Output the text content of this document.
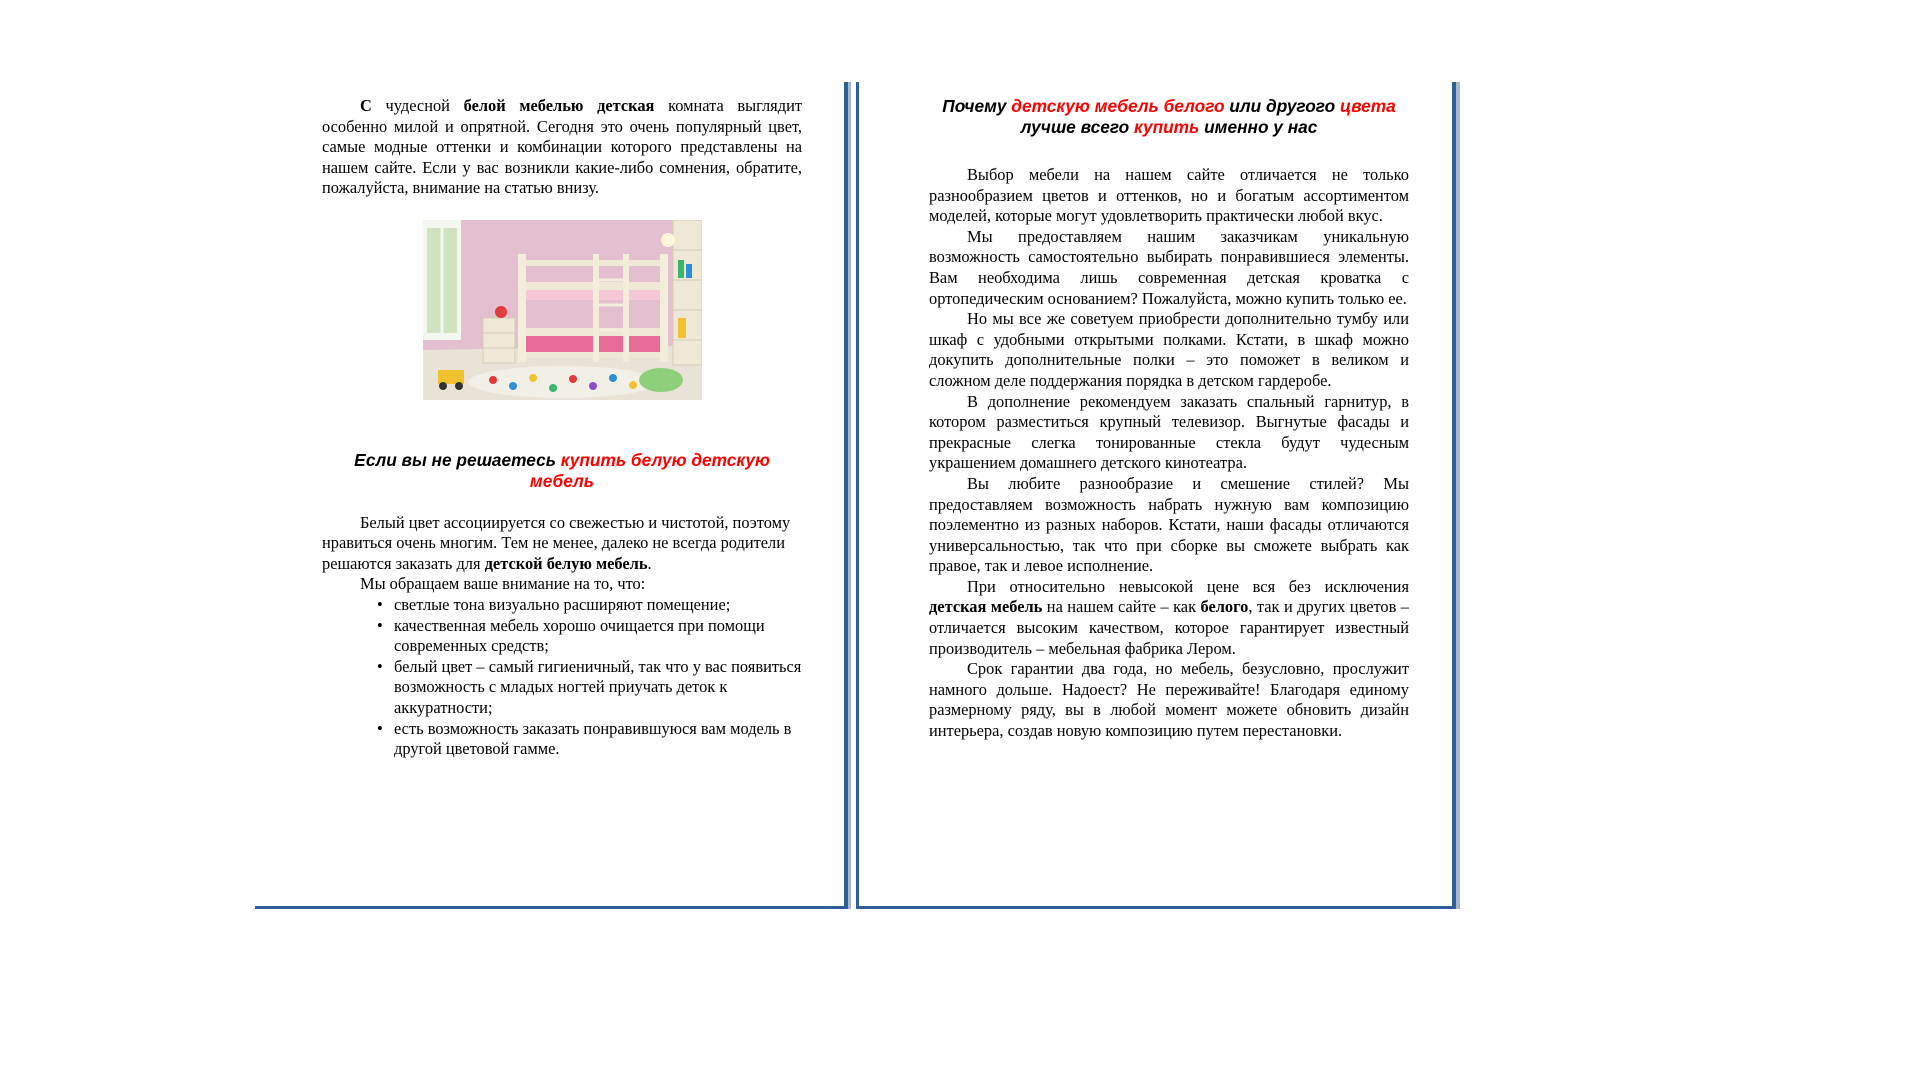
С чудесной белой мебелью детская комната выглядит особенно милой и опрятной. Сегодня это очень популярный цвет, самые модные оттенки и комбинации которого представлены на нашем сайте. Если у вас возникли какие-либо сомнения, обратите, пожалуйста, внимание на статью внизу.

Если вы не решаетесь купить белую детскую мебель

Белый цвет ассоциируется со свежестью и чистотой, поэтому нравиться очень многим. Тем не менее, далеко не всегда родители решаются заказать для детской белую мебель.

Мы обращаем ваше внимание на то, что:

• светлые тона визуально расширяют помещение;
• качественная мебель хорошо очищается при помощи современных средств;
• белый цвет – самый гигиеничный, так что у вас появиться возможность с младых ногтей приучать деток к аккуратности;
• есть возможность заказать понравившуюся вам модель в другой цветовой гамме.

Почему детскую мебель белого или другого цвета
лучше всего купить именно у нас

Выбор мебели на нашем сайте отличается не только разнообразием цветов и оттенков, но и богатым ассортиментом моделей, которые могут удовлетворить практически любой вкус.

Мы предоставляем нашим заказчикам уникальную возможность самостоятельно выбирать понравившиеся элементы. Вам необходима лишь современная детская кроватка с ортопедическим основанием? Пожалуйста, можно купить только ее.

Но мы все же советуем приобрести дополнительно тумбу или шкаф с удобными открытыми полками. Кстати, в шкаф можно докупить дополнительные полки – это поможет в великом и сложном деле поддержания порядка в детском гардеробе.

В дополнение рекомендуем заказать спальный гарнитур, в котором разместиться крупный телевизор. Выгнутые фасады и прекрасные слегка тонированные стекла будут чудесным украшением домашнего детского кинотеатра.

Вы любите разнообразие и смешение стилей? Мы предоставляем возможность набрать нужную вам композицию поэлементно из разных наборов. Кстати, наши фасады отличаются универсальностью, так что при сборке вы сможете выбрать как правое, так и левое исполнение.

При относительно невысокой цене вся без исключения детская мебель на нашем сайте – как белого, так и других цветов – отличается высоким качеством, которое гарантирует известный производитель – мебельная фабрика Лером.

Срок гарантии два года, но мебель, безусловно, прослужит намного дольше. Надоест? Не переживайте! Благодаря единому размерному ряду, вы в любой момент можете обновить дизайн интерьера, создав новую композицию путем перестановки.
